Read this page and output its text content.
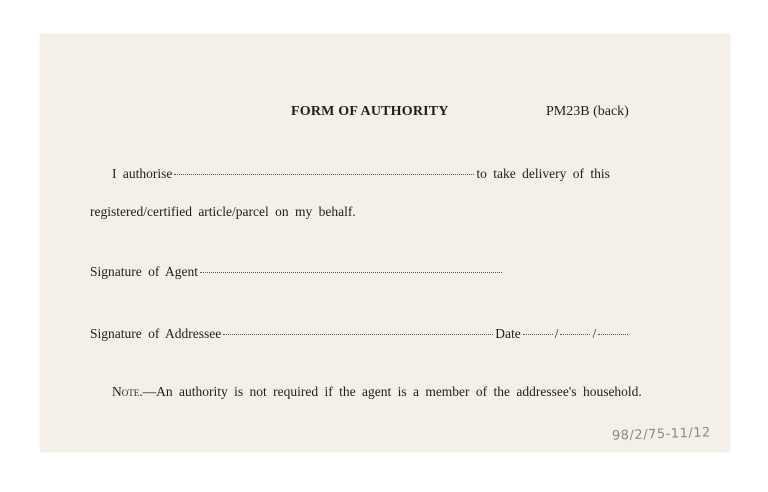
FORM OF AUTHORITY	PM23B (back)
I authorise	to take delivery of this
registered/certified article/parcel on my behalf.
Signature of Agent
Signature of Addressee	Date	/	/
Note.—An authority is not required if the agent is a member of the addressee's household.
98/2/75-11/12
